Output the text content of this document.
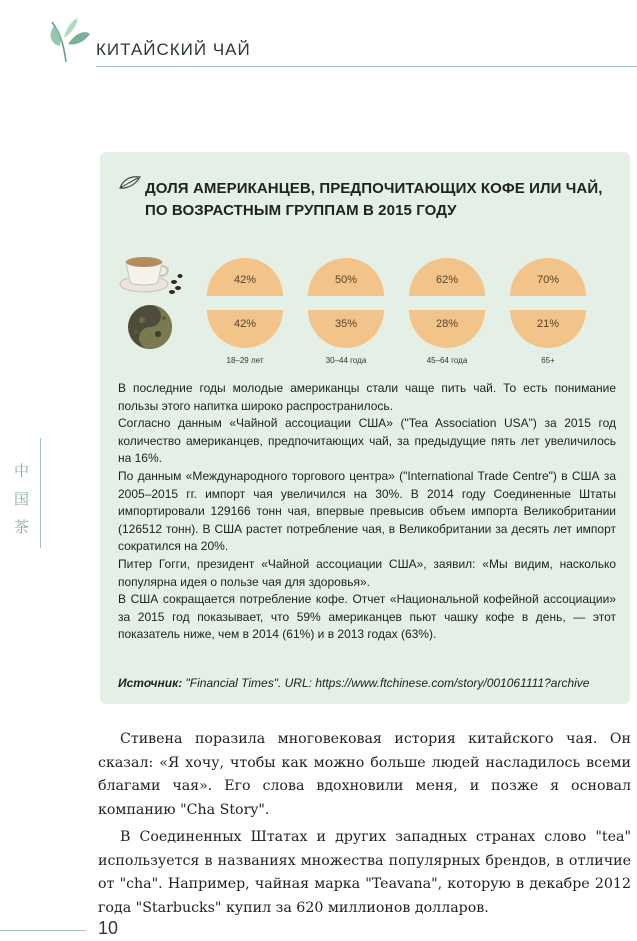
КИТАЙСКИЙ ЧАЙ
中
国
茶
ДОЛЯ АМЕРИКАНЦЕВ, ПРЕДПОЧИТАЮЩИХ КОФЕ ИЛИ ЧАЙ,
ПО ВОЗРАСТНЫМ ГРУППАМ В 2015 ГОДУ
42%
42%
18–29 лет
50%
35%
30–44 года
62%
28%
45–64 года
70%
21%
65+

В последние годы молодые американцы стали чаще пить чай. То есть понимание пользы этого напитка широко распространилось.

Согласно данным «Чайной ассоциации США» ("Tea Association USA") за 2015 год количество американцев, предпочитающих чай, за предыдущие пять лет увеличилось на 16%.

По данным «Международного торгового центра» ("International Trade Centre") в США за 2005–2015 гг. импорт чая увеличился на 30%. В 2014 году Соединенные Штаты импортировали 129166 тонн чая, впервые превысив объем импорта Великобритании (126512 тонн). В США растет потребление чая, в Великобритании за десять лет импорт сократился на 20%.

Питер Гогги, президент «Чайной ассоциации США», заявил: «Мы видим, насколько популярна идея о пользе чая для здоровья».

В США сокращается потребление кофе. Отчет «Национальной кофейной ассоциации» за 2015 год показывает, что 59% американцев пьют чашку кофе в день, — этот показатель ниже, чем в 2014 (61%) и в 2013 годах (63%).

Источник: "Financial Times". URL: https://www.ftchinese.com/story/001061111?archive

Стивена поразила многовековая история китайского чая. Он сказал: «Я хочу, чтобы как можно больше людей насладилось всеми благами чая». Его слова вдохновили меня, и позже я основал компанию "Cha Story".

В Соединенных Штатах и других западных странах слово "tea" используется в названиях множества популярных брендов, в отличие от "cha". Например, чайная марка "Teavana", которую в декабре 2012 года "Starbucks" купил за 620 миллионов долларов.

10
